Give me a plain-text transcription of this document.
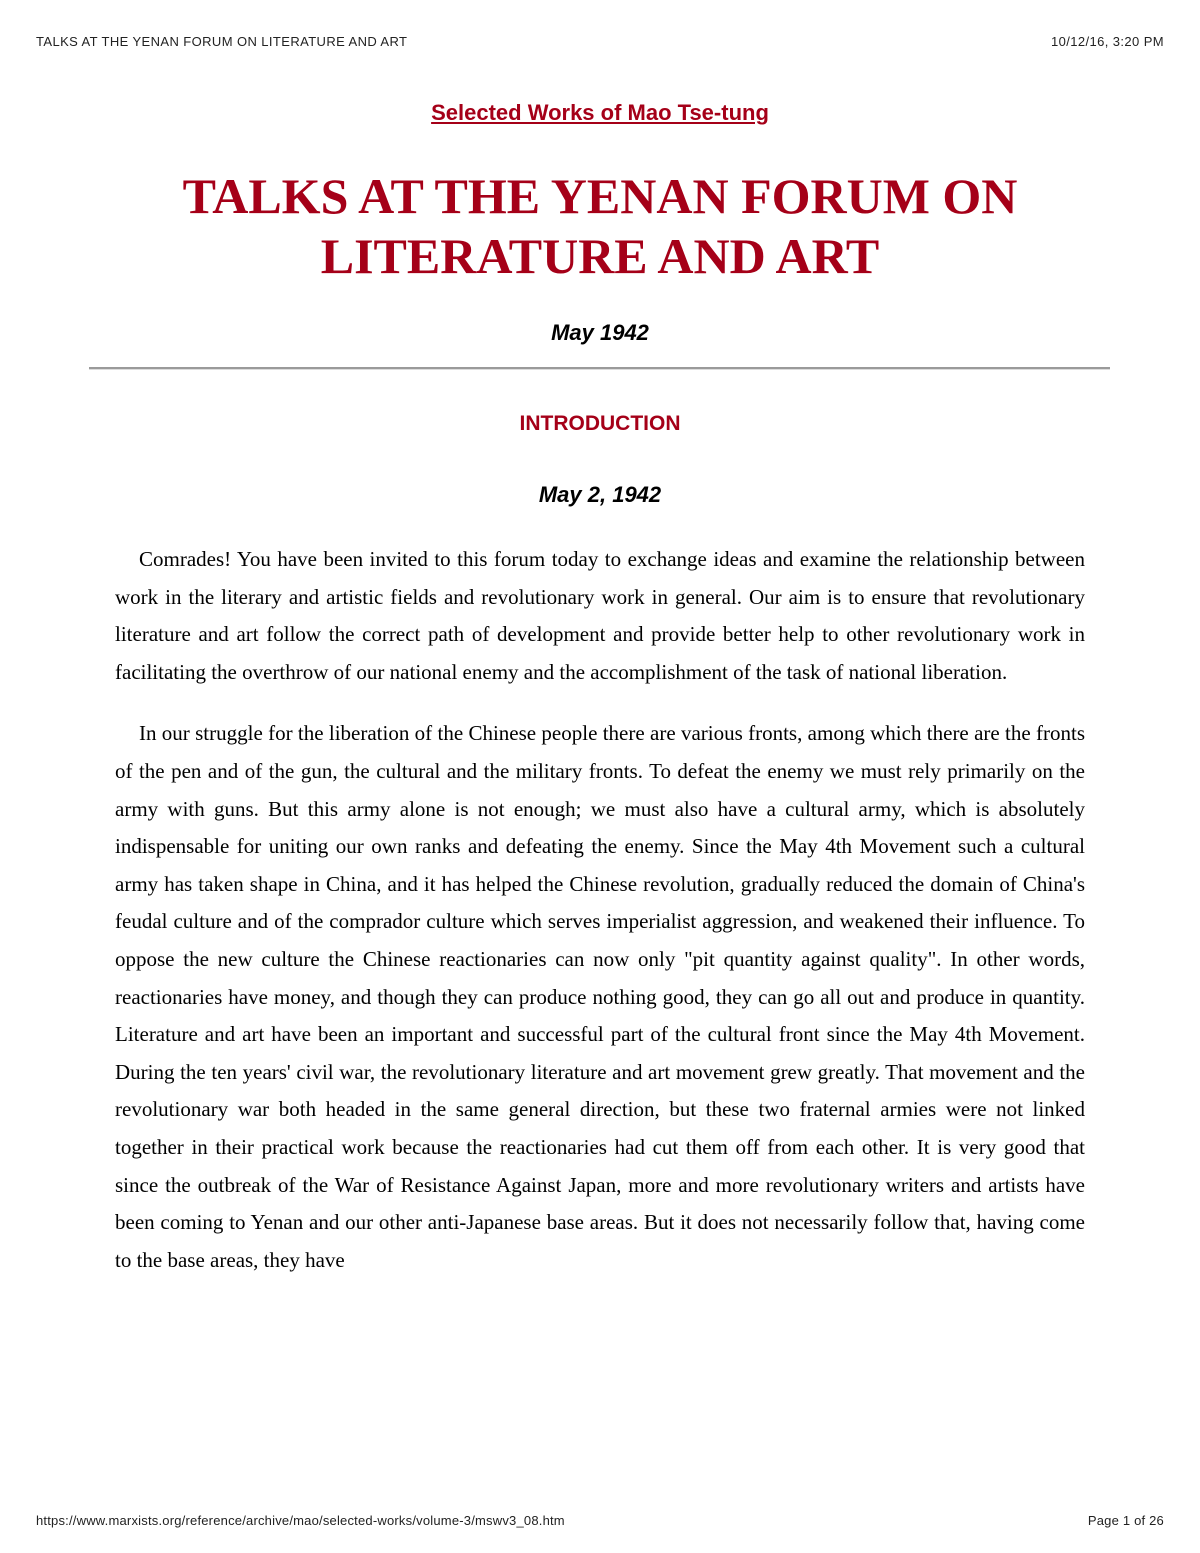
TALKS AT THE YENAN FORUM ON LITERATURE AND ART	10/12/16, 3:20 PM
Selected Works of Mao Tse-tung
TALKS AT THE YENAN FORUM ON LITERATURE AND ART
May 1942
INTRODUCTION
May 2, 1942

Comrades! You have been invited to this forum today to exchange ideas and examine the relationship between work in the literary and artistic fields and revolutionary work in general. Our aim is to ensure that revolutionary literature and art follow the correct path of development and provide better help to other revolutionary work in facilitating the overthrow of our national enemy and the accomplishment of the task of national liberation.

In our struggle for the liberation of the Chinese people there are various fronts, among which there are the fronts of the pen and of the gun, the cultural and the military fronts. To defeat the enemy we must rely primarily on the army with guns. But this army alone is not enough; we must also have a cultural army, which is absolutely indispensable for uniting our own ranks and defeating the enemy. Since the May 4th Movement such a cultural army has taken shape in China, and it has helped the Chinese revolution, gradually reduced the domain of China's feudal culture and of the comprador culture which serves imperialist aggression, and weakened their influence. To oppose the new culture the Chinese reactionaries can now only "pit quantity against quality". In other words, reactionaries have money, and though they can produce nothing good, they can go all out and produce in quantity. Literature and art have been an important and successful part of the cultural front since the May 4th Movement. During the ten years' civil war, the revolutionary literature and art movement grew greatly. That movement and the revolutionary war both headed in the same general direction, but these two fraternal armies were not linked together in their practical work because the reactionaries had cut them off from each other. It is very good that since the outbreak of the War of Resistance Against Japan, more and more revolutionary writers and artists have been coming to Yenan and our other anti-Japanese base areas. But it does not necessarily follow that, having come to the base areas, they have

https://www.marxists.org/reference/archive/mao/selected-works/volume-3/mswv3_08.htm	Page 1 of 26
